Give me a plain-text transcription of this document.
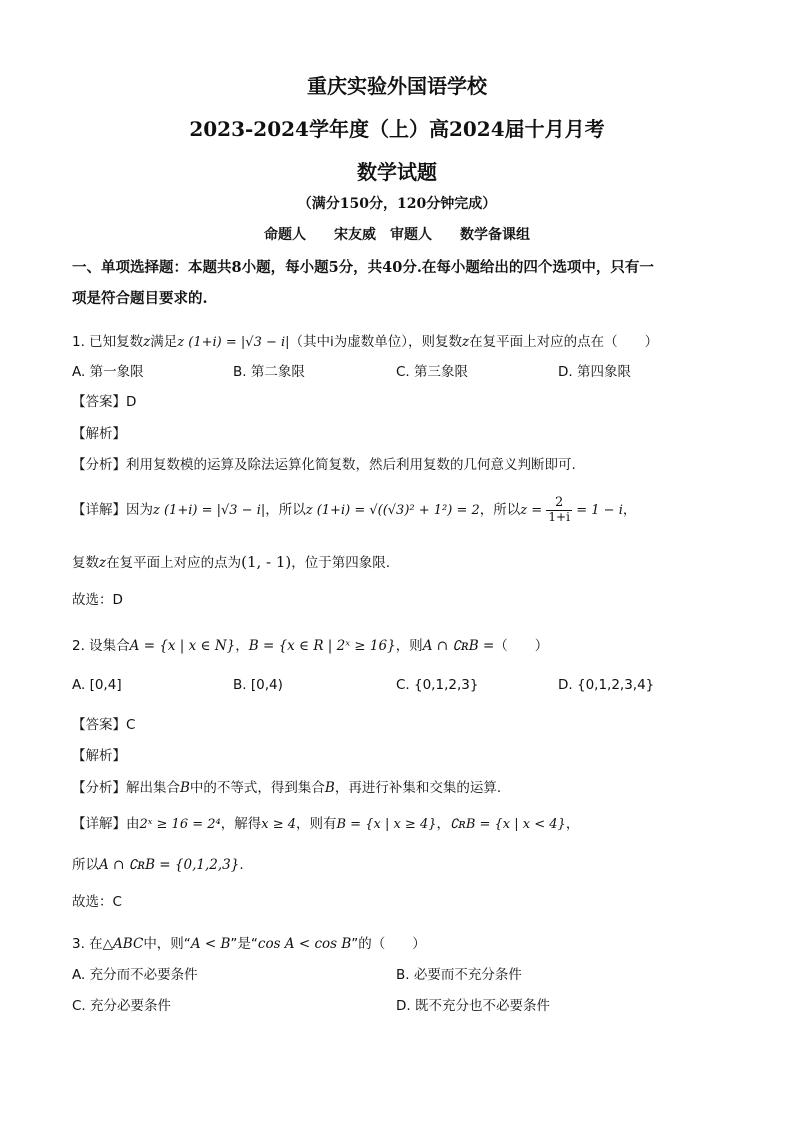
重庆实验外国语学校
2023-2024学年度（上）高2024届十月月考
数学试题
（满分150分，120分钟完成）
命题人　　宋友威　审题人　　数学备课组
一、单项选择题：本题共8小题，每小题5分，共40分.在每小题给出的四个选项中，只有一
项是符合题目要求的.
1. 已知复数z满足z (1+i) = |√3 − i|（其中i为虚数单位），则复数z在复平面上对应的点在（　　）
A. 第一象限	B. 第二象限	C. 第三象限	D. 第四象限
【答案】D
【解析】
【分析】利用复数模的运算及除法运算化简复数，然后利用复数的几何意义判断即可.
【详解】因为z (1+i) = |√3 − i|，所以z (1+i) = √((√3)² + 1²) = 2，所以$z = \frac{2}{1+i} = 1 - i$，
复数z在复平面上对应的点为(1, - 1)，位于第四象限.
故选：D
2. 设集合A = {x | x ∈ N}，B = {x ∈ R | 2ˣ ≥ 16}，则A ∩ ∁ʀB =（　　）
A. [0,4]	B. [0,4)	C. {0,1,2,3}	D. {0,1,2,3,4}
【答案】C
【解析】
【分析】解出集合B中的不等式，得到集合B，再进行补集和交集的运算.
【详解】由2ˣ ≥ 16 = 2⁴，解得x ≥ 4，则有B = {x | x ≥ 4}，∁ʀB = {x | x < 4}，
所以A ∩ ∁ʀB = {0,1,2,3}.
故选：C
3. 在△ABC中，则“A < B”是“cos A < cos B”的（　　）
A. 充分而不必要条件	B. 必要而不充分条件
C. 充分必要条件	D. 既不充分也不必要条件
